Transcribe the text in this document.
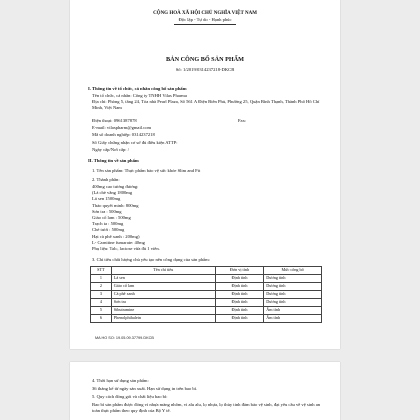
CỘNG HOÀ XÃ HỘI CHỦ NGHĨA VIỆT NAM
Độc lập - Tự do - Hạnh phúc
BẢN CÔNG BỐ SẢN PHẨM
Số: 1/2019/0314237218-DKCB
I. Thông tin về tổ chức, cá nhân công bố sản phẩm
Tên tổ chức, cá nhân: Công ty TNHH Vilas Pharma
Địa chỉ: Phòng 5, tầng 24, Tòa nhà Pearl Plaza, Số 561 A Điện Biên Phủ, Phường 25, Quận Bình Thạnh, Thành Phố Hồ Chí Minh, Việt Nam
Điện thoại: 0961387878	Fax:
E-mail: vilaspharm@gmail.com
Mã số doanh nghiệp: 0314237218
Số Giấy chứng nhận cơ sở đủ điều kiện ATTP:
Ngày cấp/Nơi cấp: /
II. Thông tin về sản phẩm
1. Tên sản phẩm: Thực phẩm bảo vệ sức khỏe Slim and Fit
2. Thành phần:
400mg cao tương đương:
(Lá chè vằng 1800mg
Lá sen 1500mg
Thảo quyết minh: 800mg
Sơn tra : 500mg
Giảo cổ lam : 500mg
Trạch ta : 500mg
Chè tươi : 500mg
Hạt cà phê xanh : 200mg)
L- Carnitine fumarate: 40mg
Phụ liệu: Talc, lactose vừa đủ 1 viên.
3. Chỉ tiêu chất lượng chủ yếu tạo nên công dụng của sản phẩm:
STT	Tên chỉ tiêu	Đơn vị tính	Mức công bố
1	Lá sen	Định tính	Dương tính
2	Giảo cổ lam	Định tính	Dương tính
3	Cà phê xanh	Định tính	Dương tính
4	Sơn tra	Định tính	Dương tính
5	Sibutramine	Định tính	Âm tính
6	Phenolphthalein	Định tính	Âm tính
MA HO SO: 19.05.09.37799.DKCB
4. Thời hạn sử dụng sản phẩm:
36 tháng kể từ ngày sản xuất. Hạn sử dụng in trên bao bì.
5. Quy cách đóng gói và chất liệu bao bì:
Bao bì sản phẩm được đóng vỉ nhựa màng nhôm, vỉ alu alu, lọ nhựa, lọ thủy tinh đảm bảo vệ sinh, đạt yêu cầu về vệ sinh an toàn thực phẩm theo quy định của Bộ Y tế.
